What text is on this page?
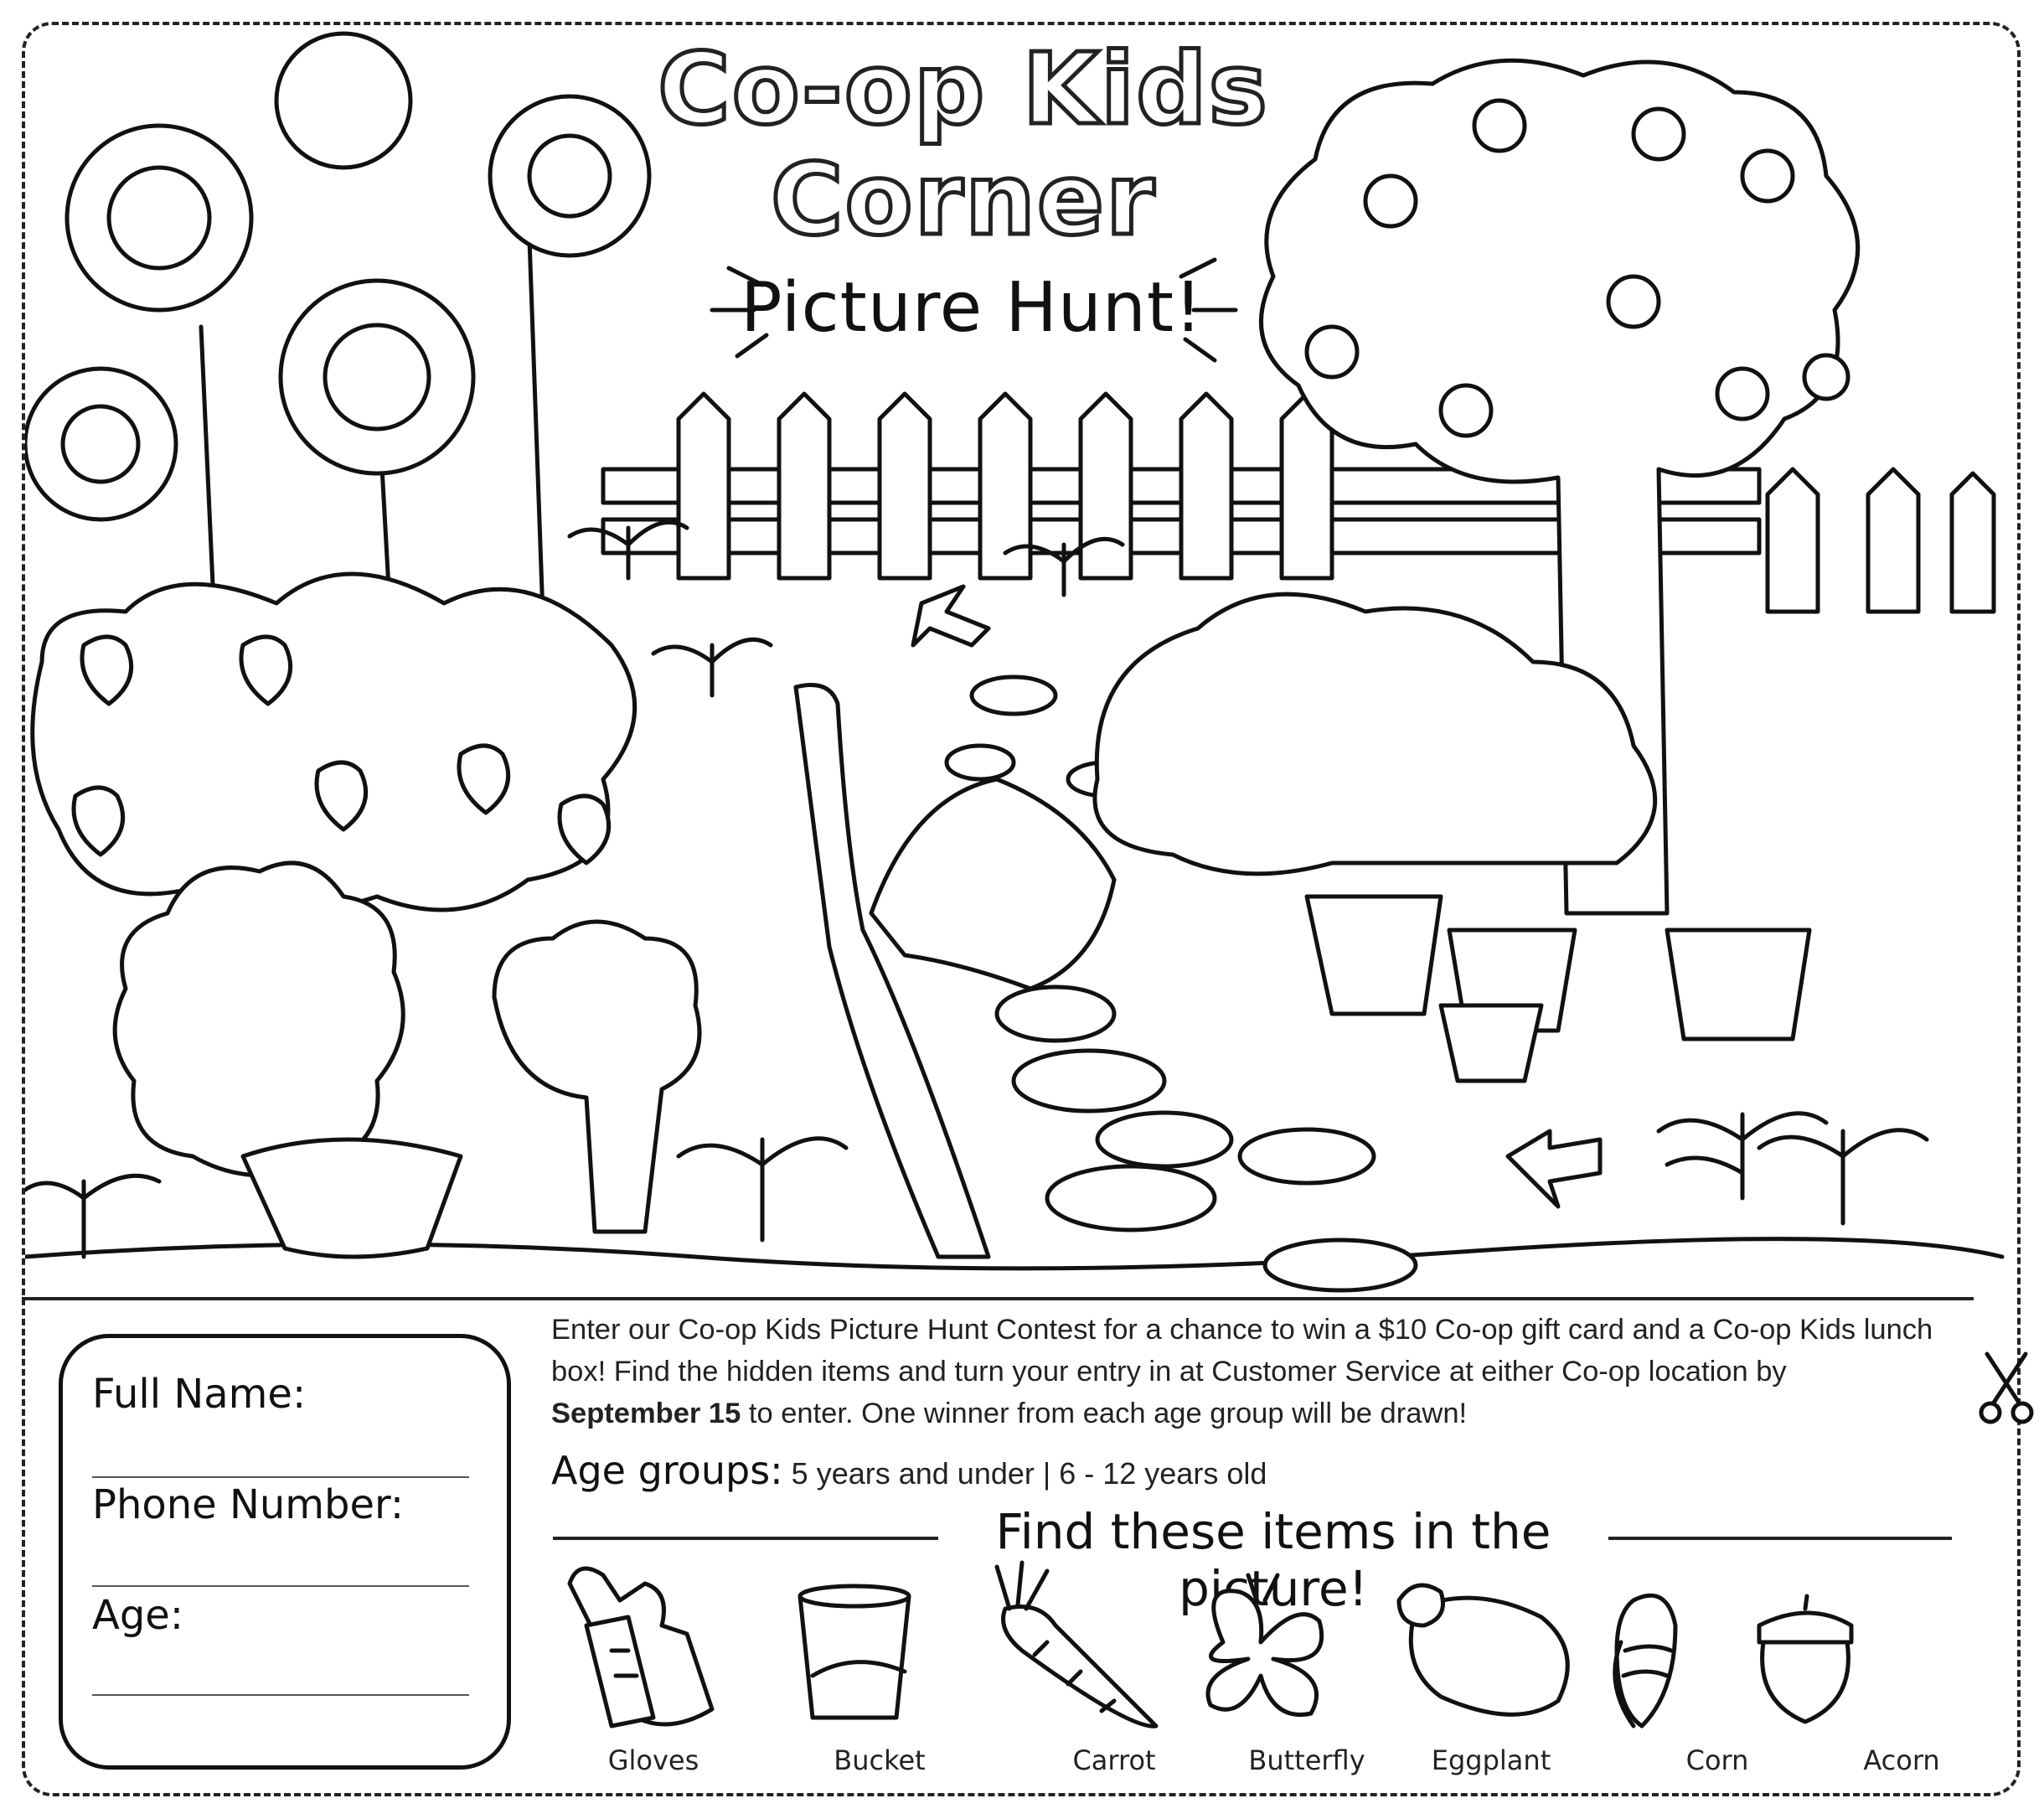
Co-op Kids
Corner
Picture Hunt!
Full Name:
Phone Number:
Age:
Enter our Co-op Kids Picture Hunt Contest for a chance to win a $10 Co-op gift card and a Co-op Kids lunch box! Find the hidden items and turn your entry in at Customer Service at either Co-op location by September 15 to enter. One winner from each age group will be drawn!
Age groups: 5 years and under | 6 - 12 years old
Find these items in the picture!
Gloves	Bucket	Carrot	Butterfly	Eggplant	Corn	Acorn
